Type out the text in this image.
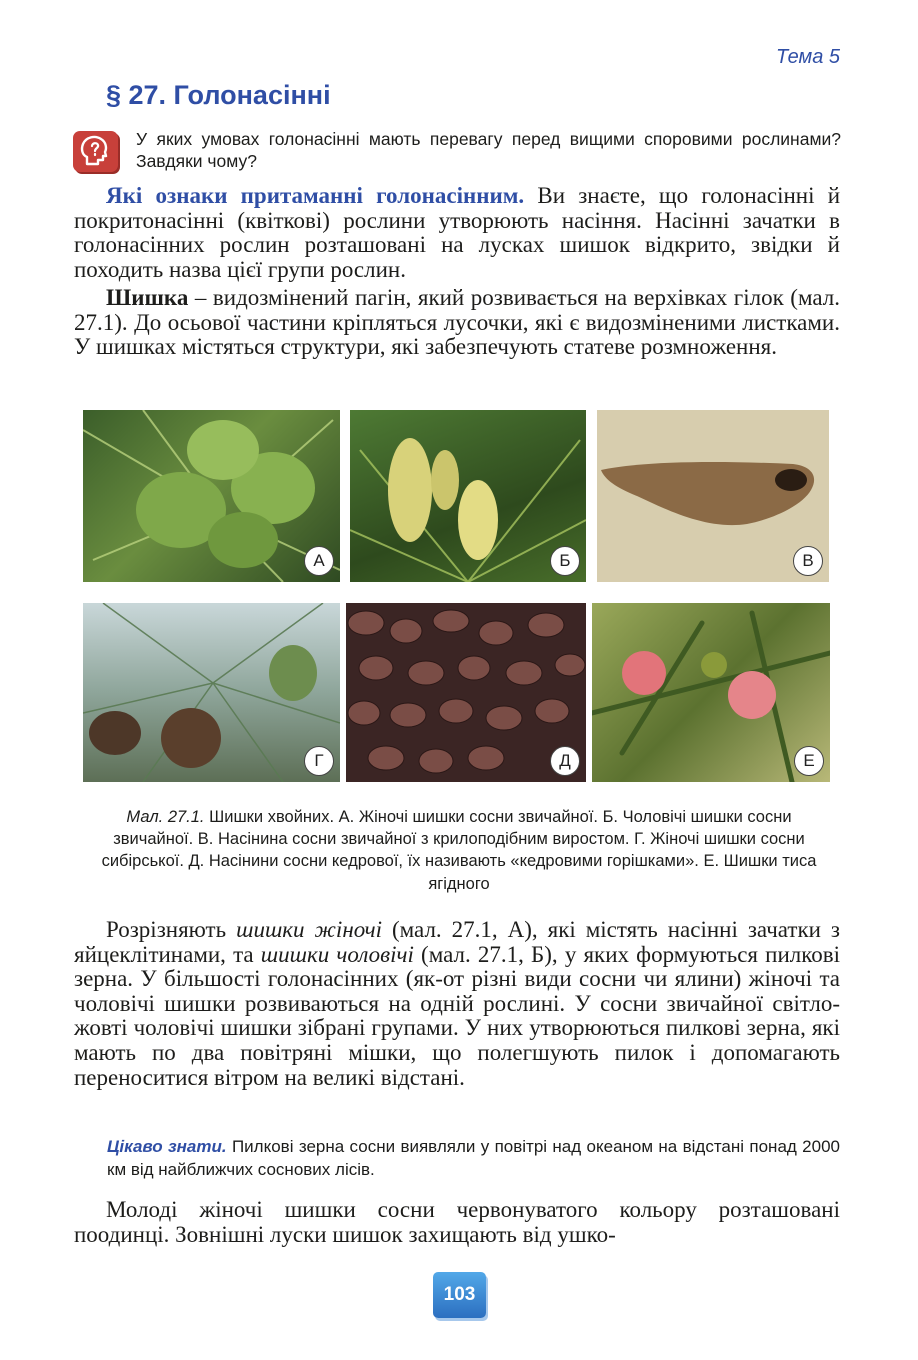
Тема 5
§ 27. Голонасінні

У яких умовах голонасінні мають перевагу перед вищими споровими рослинами? Завдяки чому?

Які ознаки притаманні голонасінним. Ви знаєте, що голонасінні й покритонасінні (квіткові) рослини утворюють насіння. Насінні зачатки в голонасінних рослин розташовані на лусках шишок відкрито, звідки й походить назва цієї групи рослин.

Шишка – видозмінений пагін, який розвивається на верхівках гілок (мал. 27.1). До осьової частини кріпляться лусочки, які є видозміненими листками. У шишках містяться структури, які забезпечують статеве розмноження.

А	Б	В
Г	Д	Е

Мал. 27.1. Шишки хвойних. А. Жіночі шишки сосни звичайної. Б. Чоловічі шишки сосни звичайної. В. Насінина сосни звичайної з крилоподібним виростом. Г. Жіночі шишки сосни сибірської. Д. Насінини сосни кедрової, їх називають «кедровими горішками». Е. Шишки тиса ягідного

Розрізняють шишки жіночі (мал. 27.1, А), які містять насінні зачатки з яйцеклітинами, та шишки чоловічі (мал. 27.1, Б), у яких формуються пилкові зерна. У більшості голонасінних (як-от різні види сосни чи ялини) жіночі та чоловічі шишки розвиваються на одній рослині. У сосни звичайної світло-жовті чоловічі шишки зібрані групами. У них утворюються пилкові зерна, які мають по два повітряні мішки, що полегшують пилок і допомагають переноситися вітром на великі відстані.

Цікаво знати. Пилкові зерна сосни виявляли у повітрі над океаном на відстані понад 2000 км від найближчих соснових лісів.

Молоді жіночі шишки сосни червонуватого кольору розташовані поодинці. Зовнішні луски шишок захищають від ушко-

103
